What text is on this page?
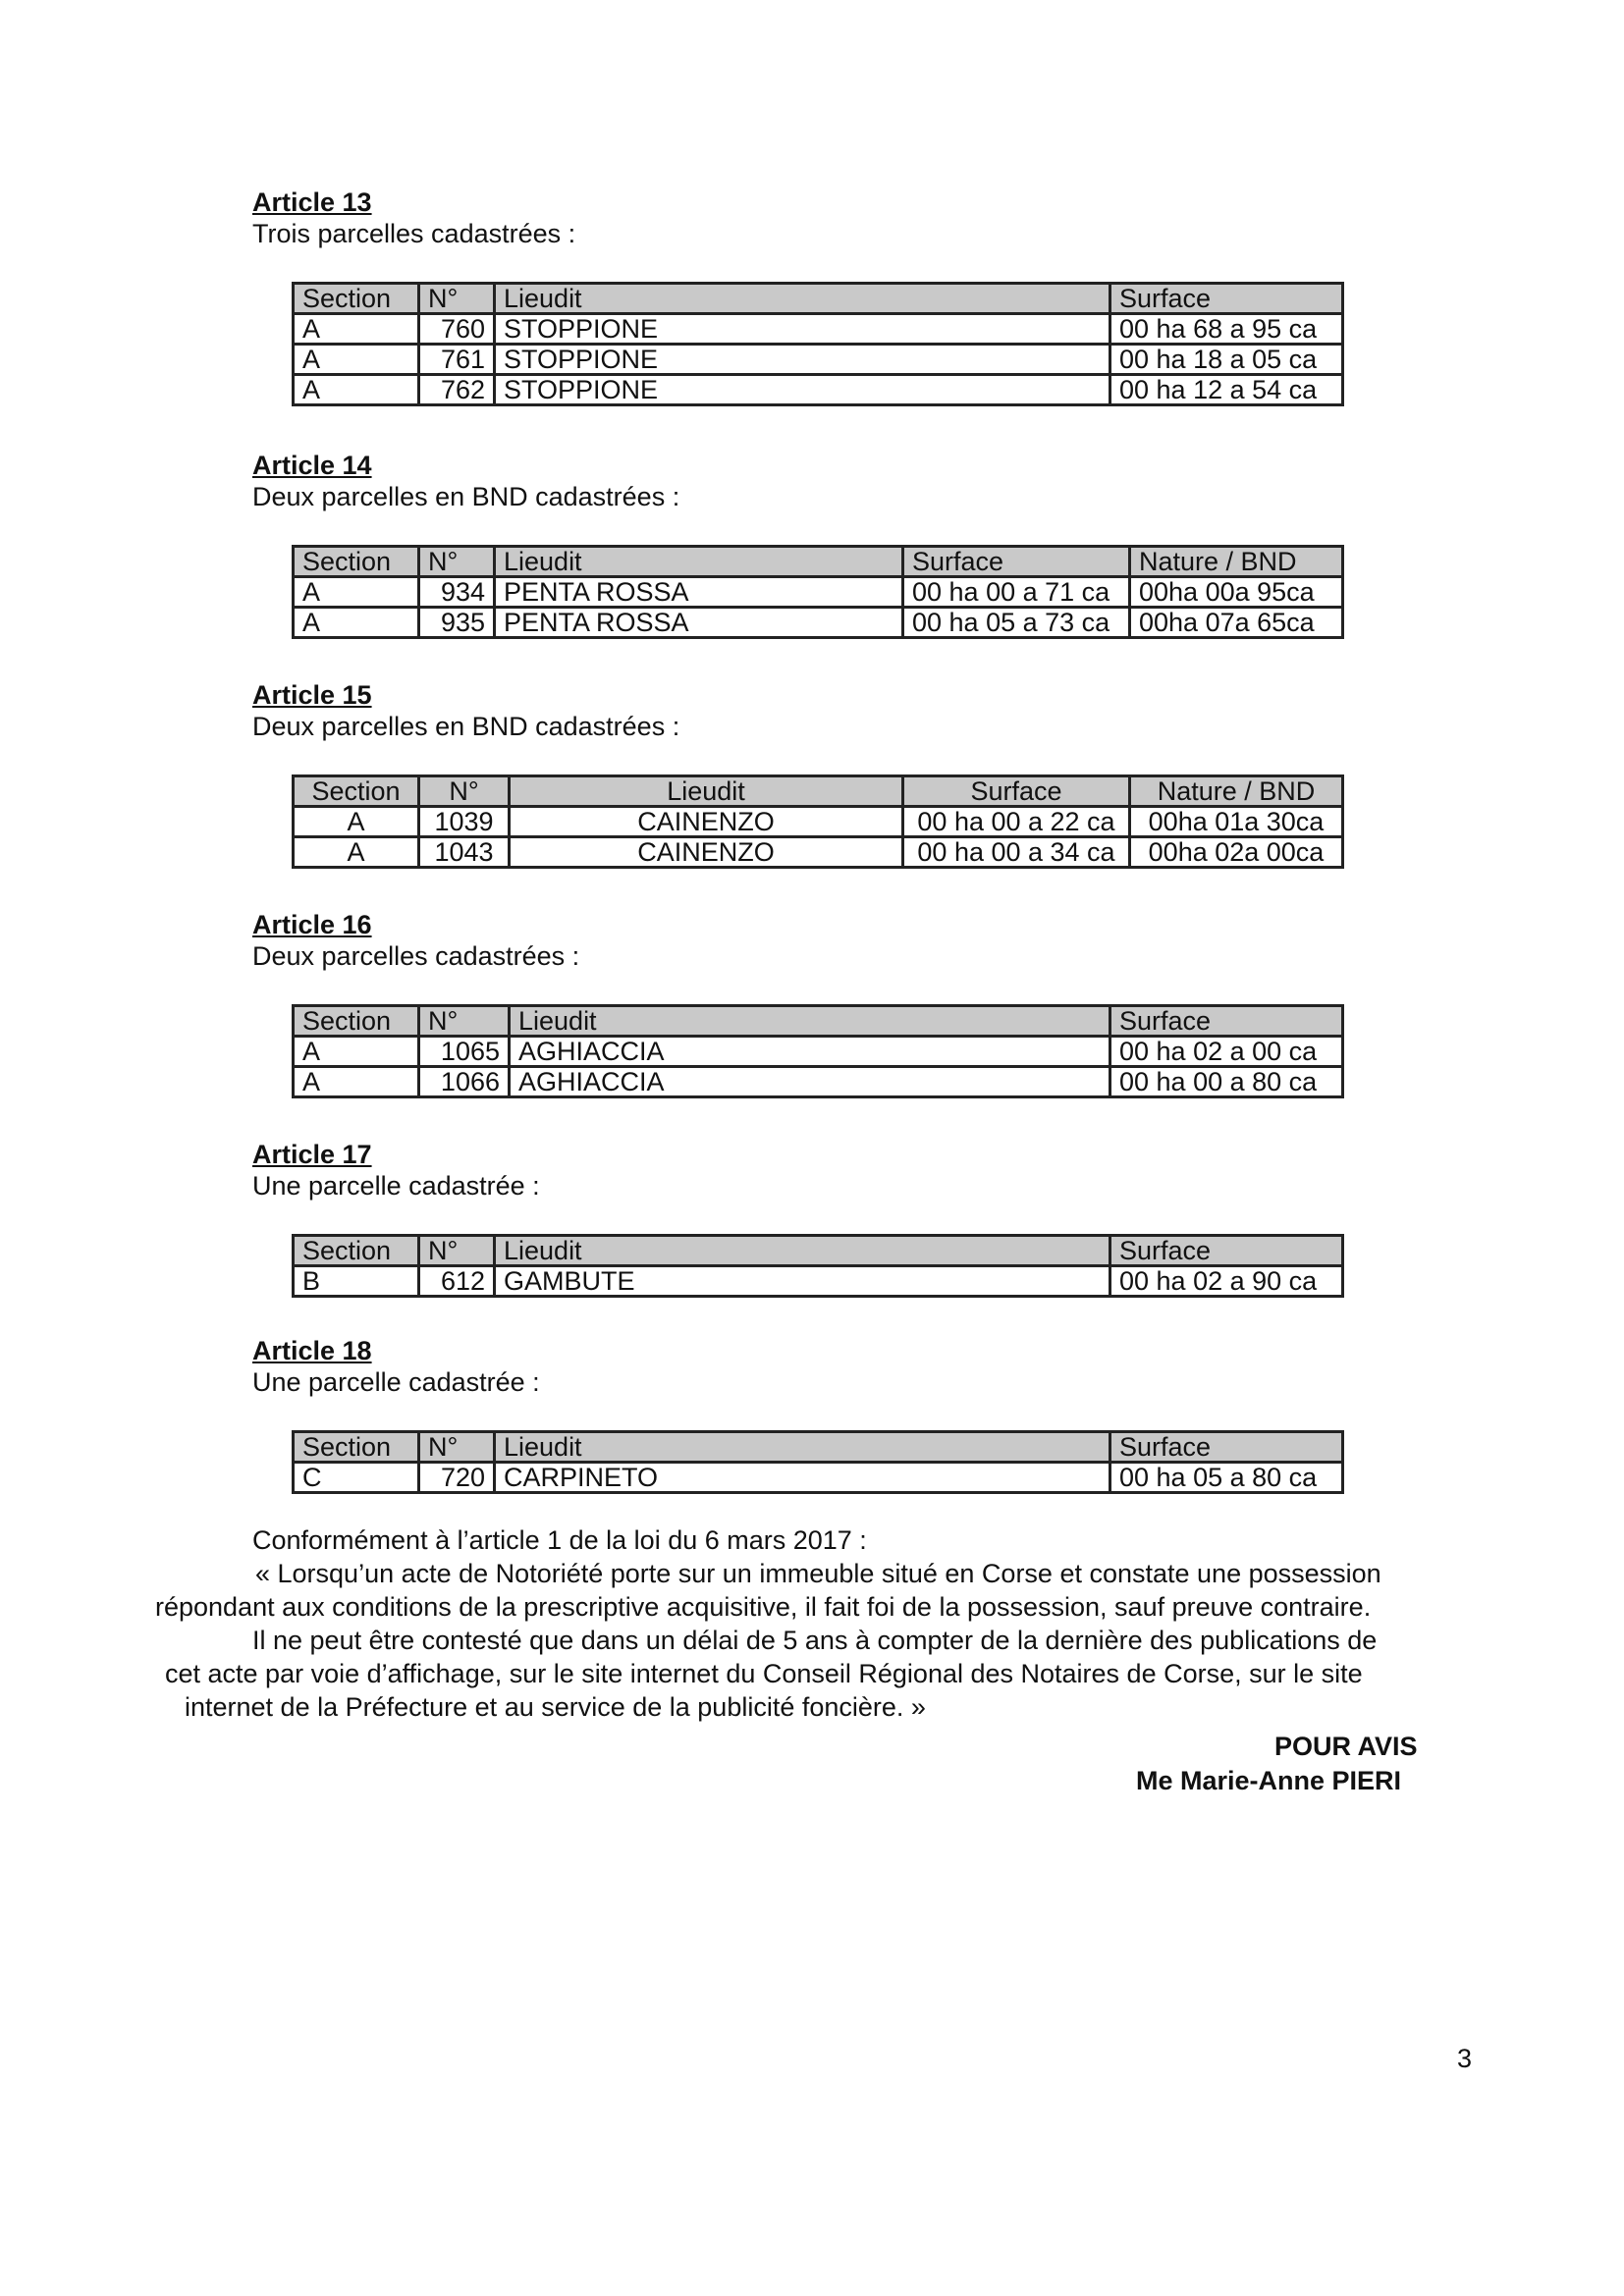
Article 13

Trois parcelles cadastrées :

Section	N°	Lieudit	Surface
A	760	STOPPIONE	00 ha 68 a 95 ca
A	761	STOPPIONE	00 ha 18 a 05 ca
A	762	STOPPIONE	00 ha 12 a 54 ca

Article 14

Deux parcelles en BND cadastrées :

Section	N°	Lieudit	Surface	Nature / BND
A	934	PENTA ROSSA	00 ha 00 a 71 ca	00ha 00a 95ca
A	935	PENTA ROSSA	00 ha 05 a 73 ca	00ha 07a 65ca

Article 15

Deux parcelles en BND cadastrées :

Section	N°	Lieudit	Surface	Nature / BND
A	1039	CAINENZO	00 ha 00 a 22 ca	00ha 01a 30ca
A	1043	CAINENZO	00 ha 00 a 34 ca	00ha 02a 00ca

Article 16

Deux parcelles cadastrées :

Section	N°	Lieudit	Surface
A	1065	AGHIACCIA	00 ha 02 a 00 ca
A	1066	AGHIACCIA	00 ha 00 a 80 ca

Article 17

Une parcelle cadastrée :

Section	N°	Lieudit	Surface
B	612	GAMBUTE	00 ha 02 a 90 ca

Article 18

Une parcelle cadastrée :

Section	N°	Lieudit	Surface
C	720	CARPINETO	00 ha 05 a 80 ca

Conformément à l’article 1 de la loi du 6 mars 2017 :

« Lorsqu’un acte de Notoriété porte sur un immeuble situé en Corse et constate une possession

répondant aux conditions de la prescriptive acquisitive, il fait foi de la possession, sauf preuve contraire.

Il ne peut être contesté que dans un délai de 5 ans à compter de la dernière des publications de

cet acte par voie d’affichage, sur le site internet du Conseil Régional des Notaires de Corse, sur le site

internet de la Préfecture et au service de la publicité foncière. »

POUR AVIS
Me Marie-Anne PIERI
3
